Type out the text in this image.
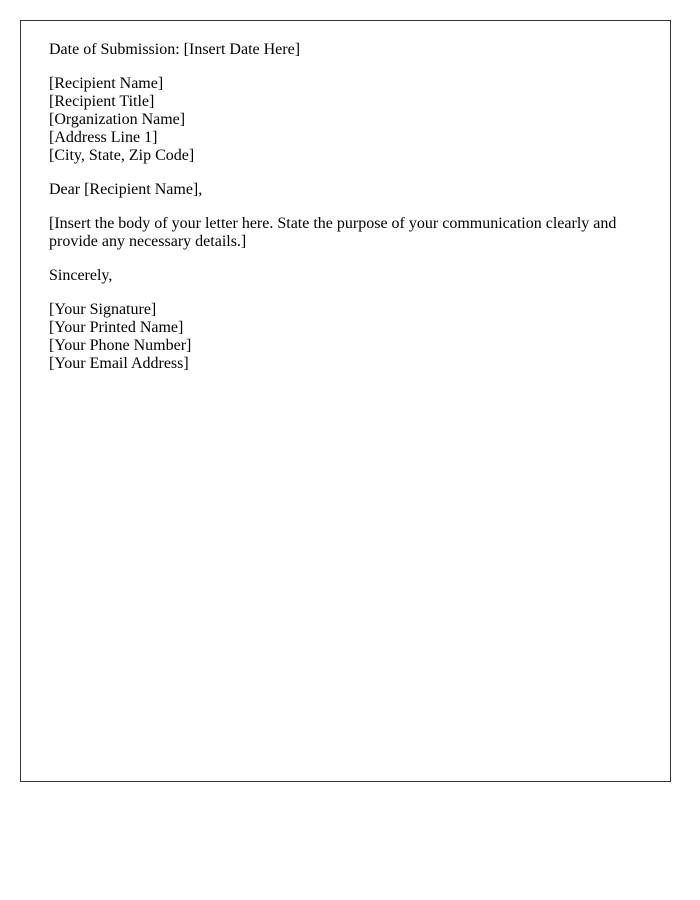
Date of Submission: [Insert Date Here]
[Recipient Name]
[Recipient Title]
[Organization Name]
[Address Line 1]
[City, State, Zip Code]
Dear [Recipient Name],
[Insert the body of your letter here. State the purpose of your communication clearly and provide any necessary details.]
Sincerely,
[Your Signature]
[Your Printed Name]
[Your Phone Number]
[Your Email Address]
